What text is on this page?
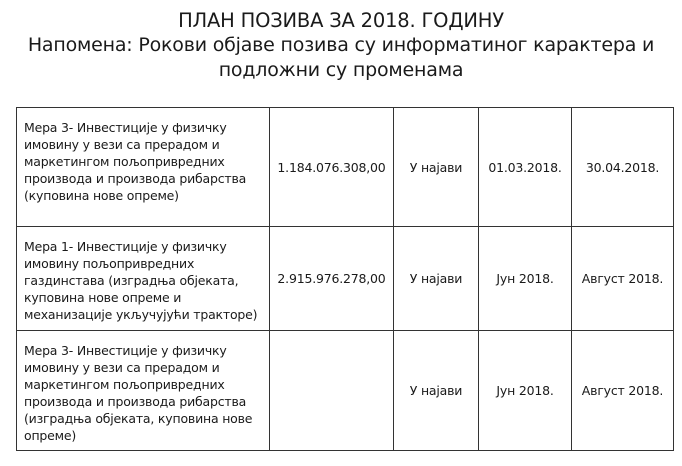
ПЛАН ПОЗИВА ЗА 2018. ГОДИНУ
Напомена: Рокови објаве позива су информатиног карактера и подложни су променама
Мера 3- Инвестиције у физичку имовину у вези са прерадом и маркетингом пољопривредних производа и производа рибарства (куповина нове опреме)	1.184.076.308,00	У најави	01.03.2018.	30.04.2018.
Мера 1- Инвестиције у физичку имовину пољопривредних газдинстава (изградња објеката, куповина нове опреме и механизације укључујући тракторе)	2.915.976.278,00	У најави	Јун 2018.	Август 2018.
Мера 3- Инвестиције у физичку имовину у вези са прерадом и маркетингом пољопривредних производа и производа рибарства (изградња објеката, куповина нове опреме)		У најави	Јун 2018.	Август 2018.
